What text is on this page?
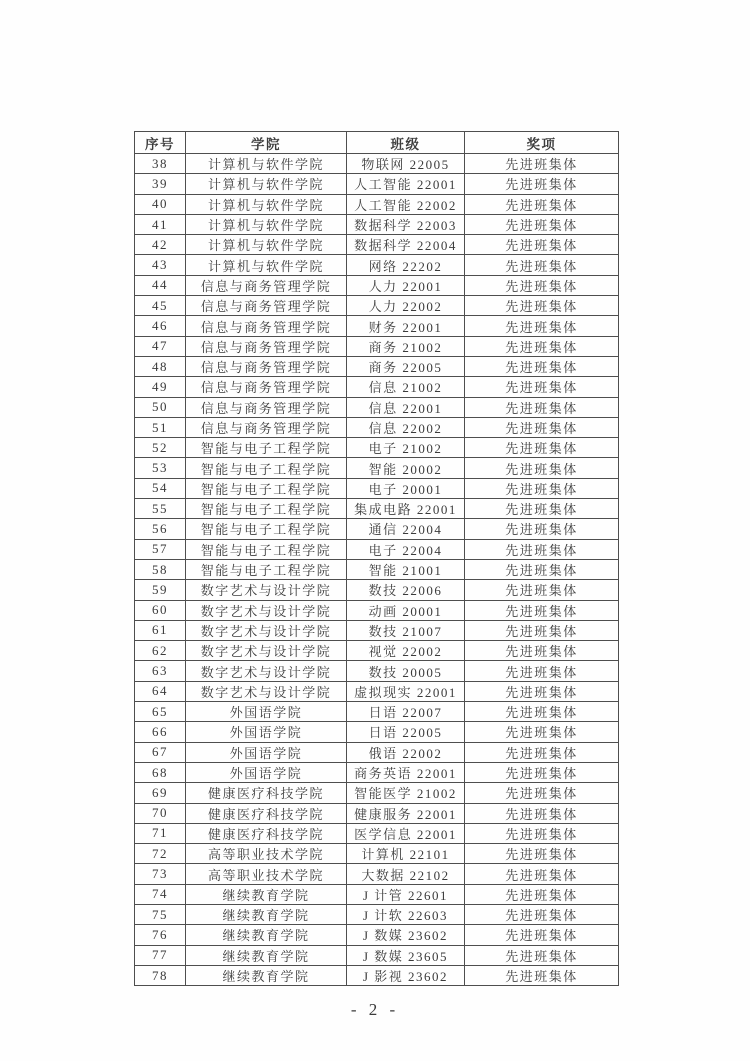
序号	学院	班级	奖项
38	计算机与软件学院	物联网 22005	先进班集体
39	计算机与软件学院	人工智能 22001	先进班集体
40	计算机与软件学院	人工智能 22002	先进班集体
41	计算机与软件学院	数据科学 22003	先进班集体
42	计算机与软件学院	数据科学 22004	先进班集体
43	计算机与软件学院	网络 22202	先进班集体
44	信息与商务管理学院	人力 22001	先进班集体
45	信息与商务管理学院	人力 22002	先进班集体
46	信息与商务管理学院	财务 22001	先进班集体
47	信息与商务管理学院	商务 21002	先进班集体
48	信息与商务管理学院	商务 22005	先进班集体
49	信息与商务管理学院	信息 21002	先进班集体
50	信息与商务管理学院	信息 22001	先进班集体
51	信息与商务管理学院	信息 22002	先进班集体
52	智能与电子工程学院	电子 21002	先进班集体
53	智能与电子工程学院	智能 20002	先进班集体
54	智能与电子工程学院	电子 20001	先进班集体
55	智能与电子工程学院	集成电路 22001	先进班集体
56	智能与电子工程学院	通信 22004	先进班集体
57	智能与电子工程学院	电子 22004	先进班集体
58	智能与电子工程学院	智能 21001	先进班集体
59	数字艺术与设计学院	数技 22006	先进班集体
60	数字艺术与设计学院	动画 20001	先进班集体
61	数字艺术与设计学院	数技 21007	先进班集体
62	数字艺术与设计学院	视觉 22002	先进班集体
63	数字艺术与设计学院	数技 20005	先进班集体
64	数字艺术与设计学院	虚拟现实 22001	先进班集体
65	外国语学院	日语 22007	先进班集体
66	外国语学院	日语 22005	先进班集体
67	外国语学院	俄语 22002	先进班集体
68	外国语学院	商务英语 22001	先进班集体
69	健康医疗科技学院	智能医学 21002	先进班集体
70	健康医疗科技学院	健康服务 22001	先进班集体
71	健康医疗科技学院	医学信息 22001	先进班集体
72	高等职业技术学院	计算机 22101	先进班集体
73	高等职业技术学院	大数据 22102	先进班集体
74	继续教育学院	J 计管 22601	先进班集体
75	继续教育学院	J 计软 22603	先进班集体
76	继续教育学院	J 数媒 23602	先进班集体
77	继续教育学院	J 数媒 23605	先进班集体
78	继续教育学院	J 影视 23602	先进班集体
- 2 -
